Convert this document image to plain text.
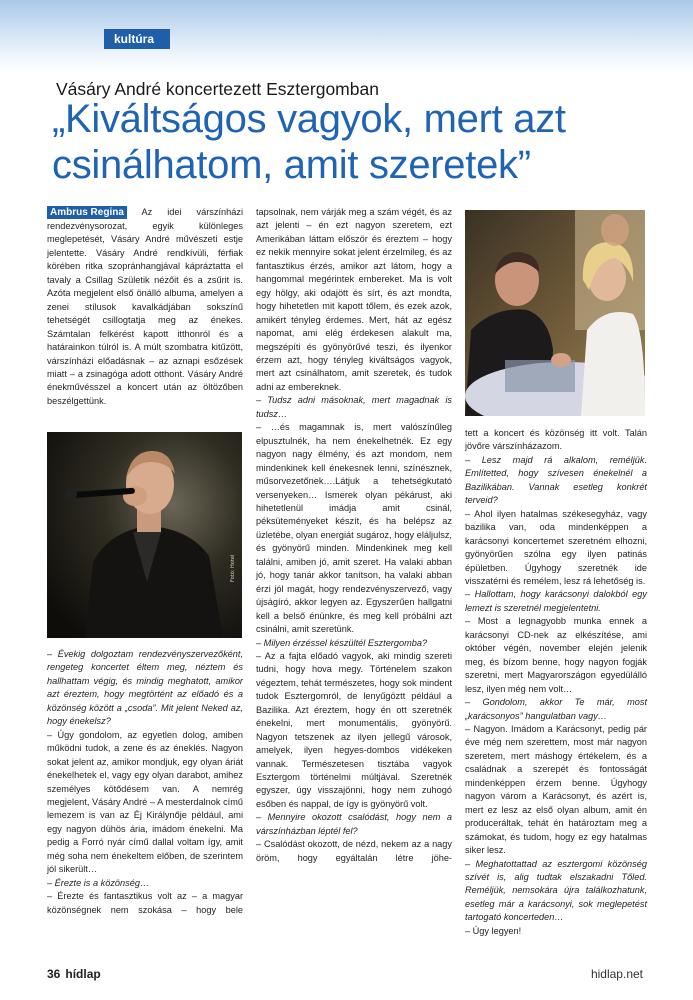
kultúra
Vásáry André koncertezett Esztergomban
„Kiváltságos vagyok, mert azt
csinálhatom, amit szeretek”
Ambrus Regina Az idei várszínházi rendezvénysorozat, egyik különleges meglepetését, Vásáry André művészeti estje jelentette. Vásáry André rendkívüli, férfiak körében ritka szopránhangjával kápráztatta el tavaly a Csillag Születik nézőit és a zsűrit is. Azóta megjelent első önálló albuma, amelyen a zenei stílusok kavalkádjában sokszínű tehetségét csillogtatja meg az énekes. Számtalan felkérést kapott itthonról és a határainkon túlról is. A múlt szombatra kitűzött, várszínházi előadásnak – az aznapi esőzések miatt – a zsinagóga adott otthont. Vásáry André énekművésszel a koncert után az öltözőben beszélgettünk.
Fotó: Hotel

– Évekig dolgoztam rendezvényszervezőként, rengeteg koncertet éltem meg, néztem és hallhattam végig, és mindig meghatott, amikor azt éreztem, hogy megtörtént az előadó és a közönség között a „csoda”. Mit jelent Neked az, hogy énekelsz?

– Úgy gondolom, az egyetlen dolog, amiben működni tudok, a zene és az éneklés. Nagyon sokat jelent az, amikor mondjuk, egy olyan áriát énekelhetek el, vagy egy olyan darabot, amihez személyes kötődésem van. A nemrég megjelent, Vásáry André – A mesterdalnok című lemezem is van az Éj Királynője például, ami egy nagyon dühös ária, imádom énekelni. Ma pedig a Forró nyár című dallal voltam így, amit még soha nem énekeltem előben, de szerintem jól sikerült…

– Érezte is a közönség…

– Érezte és fantasztikus volt az – a magyar közönségnek nem szokása – hogy bele

tapsolnak, nem várják meg a szám végét, és az azt jelenti – én ezt nagyon szeretem, ezt Amerikában láttam először és éreztem – hogy ez nekik mennyire sokat jelent érzelmileg, és az fantasztikus érzés, amikor azt látom, hogy a hangommal megérintek embereket. Ma is volt egy hölgy, aki odajött és sírt, és azt mondta, hogy hihetetlen mit kapott tőlem, és ezek azok, amikért tényleg érdemes. Mert, hát az egész napomat, ami elég érdekesen alakult ma, megszépíti és gyönyörűvé teszi, és ilyenkor érzem azt, hogy tényleg kiváltságos vagyok, mert azt csinálhatom, amit szeretek, és tudok adni az embereknek.

– Tudsz adni másoknak, mert magadnak is tudsz…

– …és magamnak is, mert valószínűleg elpusztulnék, ha nem énekelhetnék. Ez egy nagyon nagy élmény, és azt mondom, nem mindenkinek kell énekesnek lenni, színésznek, műsorvezetőnek….Látjuk a tehetségkutató versenyeken… Ismerek olyan pékárust, aki hihetetlenül imádja amit csinál, péksüteményeket készít, és ha belépsz az üzletébe, olyan energiát sugároz, hogy eláljulsz, és gyönyörű minden. Mindenkinek meg kell találni, amiben jó, amit szeret. Ha valaki abban jó, hogy tanár akkor tanítson, ha valaki abban érzi jól magát, hogy rendezvényszervező, vagy újságíró, akkor legyen az. Egyszerűen hallgatni kell a belső énünkre, és meg kell próbálni azt csinálni, amit szeretünk.

– Milyen érzéssel készültél Esztergomba?

– Az a fajta előadó vagyok, aki mindig szereti tudni, hogy hova megy. Történelem szakon végeztem, tehát természetes, hogy sok mindent tudok Esztergomról, de lenyűgöztt például a Bazilika. Azt éreztem, hogy én ott szeretnék énekelni, mert monumentális, gyönyörű. Nagyon tetszenek az ilyen jellegű városok, amelyek, ilyen hegyes-dombos vidékeken vannak. Természetesen tisztába vagyok Esztergom történelmi múltjával. Szeretnék egyszer, úgy visszajönni, hogy nem zuhogó esőben és nappal, de így is gyönyörű volt.

– Mennyire okozott csalódást, hogy nem a várszínházban léptél fel?

– Csalódást okozott, de nézd, nekem az a nagy öröm, hogy egyáltalán létre jöhe-

tett a koncert és közönség itt volt. Talán jövőre várszínházazom.

– Lesz majd rá alkalom, reméljük. Említetted, hogy szívesen énekelnél a Bazilikában. Vannak esetleg konkrét terveid?

– Ahol ilyen hatalmas székesegyház, vagy bazilika van, oda mindenképpen a karácsonyi koncertemet szeretném elhozni, gyönyörűen szólna egy ilyen patinás épületben. Úgyhogy szeretnék ide visszatérni és remélem, lesz rá lehetőség is.

– Hallottam, hogy karácsonyi dalokból egy lemezt is szeretnél megjelentetni.

– Most a legnagyobb munka ennek a karácsonyi CD-nek az elkészítése, ami október végén, november elején jelenik meg, és bízom benne, hogy nagyon fogják szeretni, mert Magyarországon egyedülálló lesz, ilyen még nem volt…

– Gondolom, akkor Te már, most „karácsonyos” hangulatban vagy…

– Nagyon. Imádom a Karácsonyt, pedig pár éve még nem szerettem, most már nagyon szeretem, mert máshogy értékelem, és a családnak a szerepét és fontosságát mindenképpen érzem benne. Úgyhogy nagyon várom a Karácsonyt, és azért is, mert ez lesz az első olyan album, amit én produceráltak, tehát én határoztam meg a számokat, és tudom, hogy ez egy hatalmas siker lesz.

– Meghatottattad az esztergomi közönség szívét is, alig tudtak elszakadni Tőled. Reméljük, nemsokára újra találkozhatunk, esetleg már a karácsonyi, sok meglepetést tartogató koncerteden…

– Úgy legyen!

36 hídlap	hidlap.net
